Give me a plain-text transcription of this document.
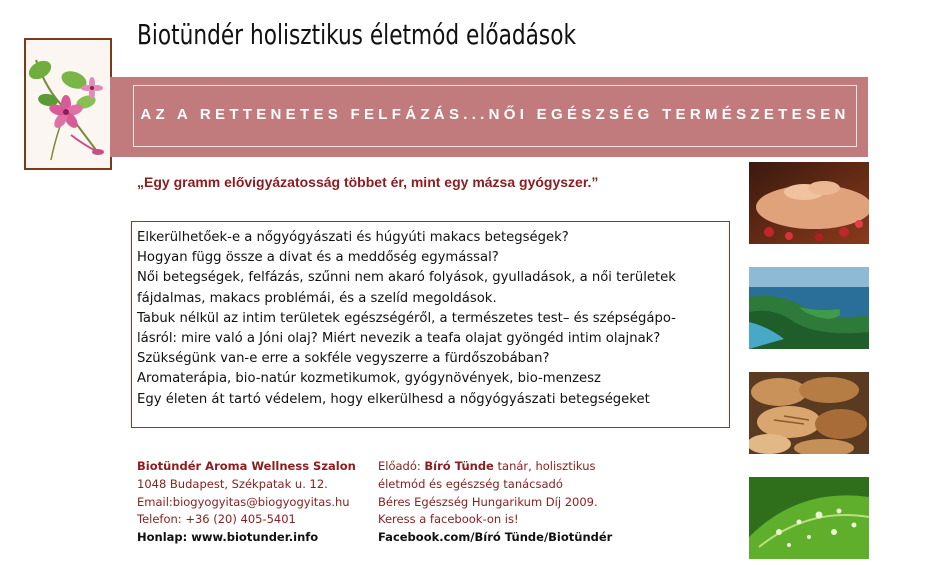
Biotündér holisztikus életmód előadások
AZ A RETTENETES FELFÁZÁS...NŐI EGÉSZSÉG TERMÉSZETESEN
„Egy gramm elővigyázatosság többet ér, mint egy mázsa gyógyszer.”
Elkerülhetőek-e a nőgyógyászati és húgyúti makacs betegségek?
Hogyan függ össze a divat és a meddőség egymással?
Női betegségek, felfázás, szűnni nem akaró folyások, gyulladások, a női területek
fájdalmas, makacs problémái, és a szelíd megoldások.
Tabuk nélkül az intim területek egészségéről, a természetes test– és szépségápo-
lásról: mire való a Jóni olaj? Miért nevezik a teafa olajat gyöngéd intim olajnak?
Szükségünk van-e erre a sokféle vegyszerre a fürdőszobában?
Aromaterápia, bio-natúr kozmetikumok, gyógynövények, bio-menzesz
Egy életen át tartó védelem, hogy elkerülhesd a nőgyógyászati betegségeket
Biotündér Aroma Wellness Szalon
1048 Budapest, Székpatak u. 12.
Email:biogyogyitas@biogyogyitas.hu
Telefon: +36 (20) 405-5401
Honlap: www.biotunder.info
Előadó: Bíró Tünde tanár, holisztikus
életmód és egészség tanácsadó
Béres Egészség Hungarikum Díj 2009.
Keress a facebook-on is!
Facebook.com/Bíró Tünde/Biotündér
